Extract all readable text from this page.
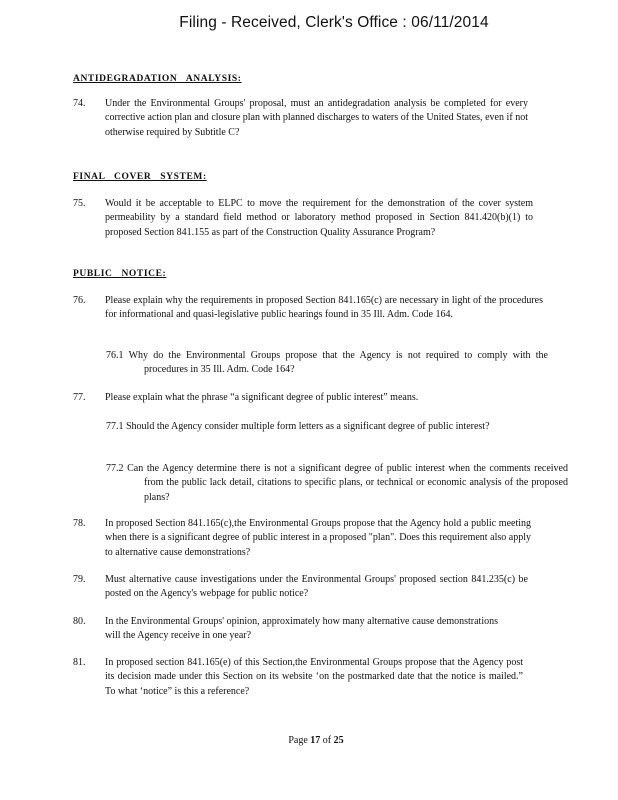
Filing - Received, Clerk's Office : 06/11/2014
ANTIDEGRADATION ANALYSIS:
74.	Under the Environmental Groups' proposal, must an antidegradation analysis be completed for every corrective action plan and closure plan with planned discharges to waters of the United States, even if not otherwise required by Subtitle C?
FINAL COVER SYSTEM:
75.	Would it be acceptable to ELPC to move the requirement for the demonstration of the cover system permeability by a standard field method or laboratory method proposed in Section 841.420(b)(1) to proposed Section 841.155 as part of the Construction Quality Assurance Program?
PUBLIC NOTICE:
76.	Please explain why the requirements in proposed Section 841.165(c) are necessary in light of the procedures for informational and quasi-legislative public hearings found in 35 Ill. Adm. Code 164.
76.1 Why do the Environmental Groups propose that the Agency is not required to comply with the procedures in 35 Ill. Adm. Code 164?
77.	Please explain what the phrase “a significant degree of public interest” means.
77.1 Should the Agency consider multiple form letters as a significant degree of public interest?
77.2 Can the Agency determine there is not a significant degree of public interest when the comments received from the public lack detail, citations to specific plans, or technical or economic analysis of the proposed plans?
78.	In proposed Section 841.165(c),the Environmental Groups propose that the Agency hold a public meeting when there is a significant degree of public interest in a proposed "plan". Does this requirement also apply to alternative cause demonstrations?
79.	Must alternative cause investigations under the Environmental Groups' proposed section 841.235(c) be posted on the Agency's webpage for public notice?
80.	In the Environmental Groups' opinion, approximately how many alternative cause demonstrations will the Agency receive in one year?
81.	In proposed section 841.165(e) of this Section,the Environmental Groups propose that the Agency post its decision made under this Section on its website ‘on the postmarked date that the notice is mailed.” To what ‘notice” is this a reference?
Page 17 of 25
